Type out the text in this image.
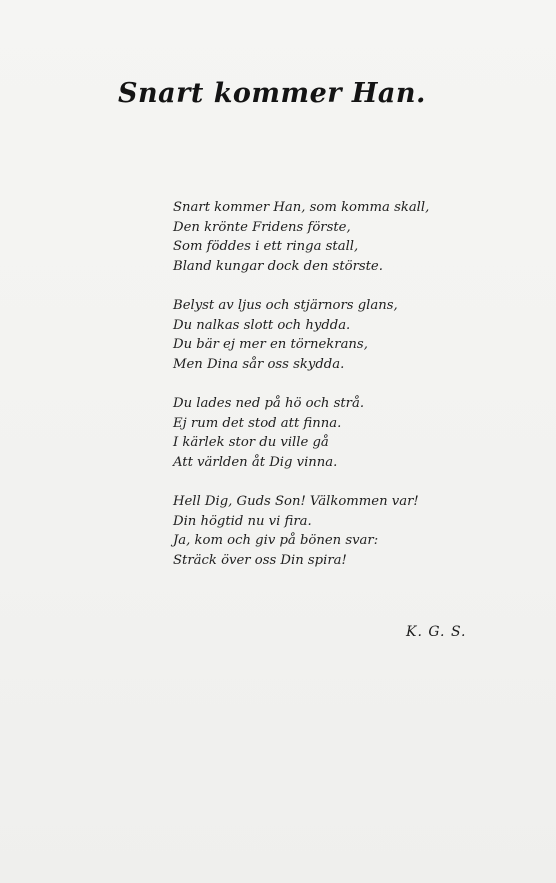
Snart kommer Han.
Snart kommer Han, som komma skall,
Den krönte Fridens förste,
Som föddes i ett ringa stall,
Bland kungar dock den störste.
Belyst av ljus och stjärnors glans,
Du nalkas slott och hydda.
Du bär ej mer en törnekrans,
Men Dina sår oss skydda.
Du lades ned på hö och strå.
Ej rum det stod att finna.
I kärlek stor du ville gå
Att världen åt Dig vinna.
Hell Dig, Guds Son! Välkommen var!
Din högtid nu vi fira.
Ja, kom och giv på bönen svar:
Sträck över oss Din spira!
K. G. S.
